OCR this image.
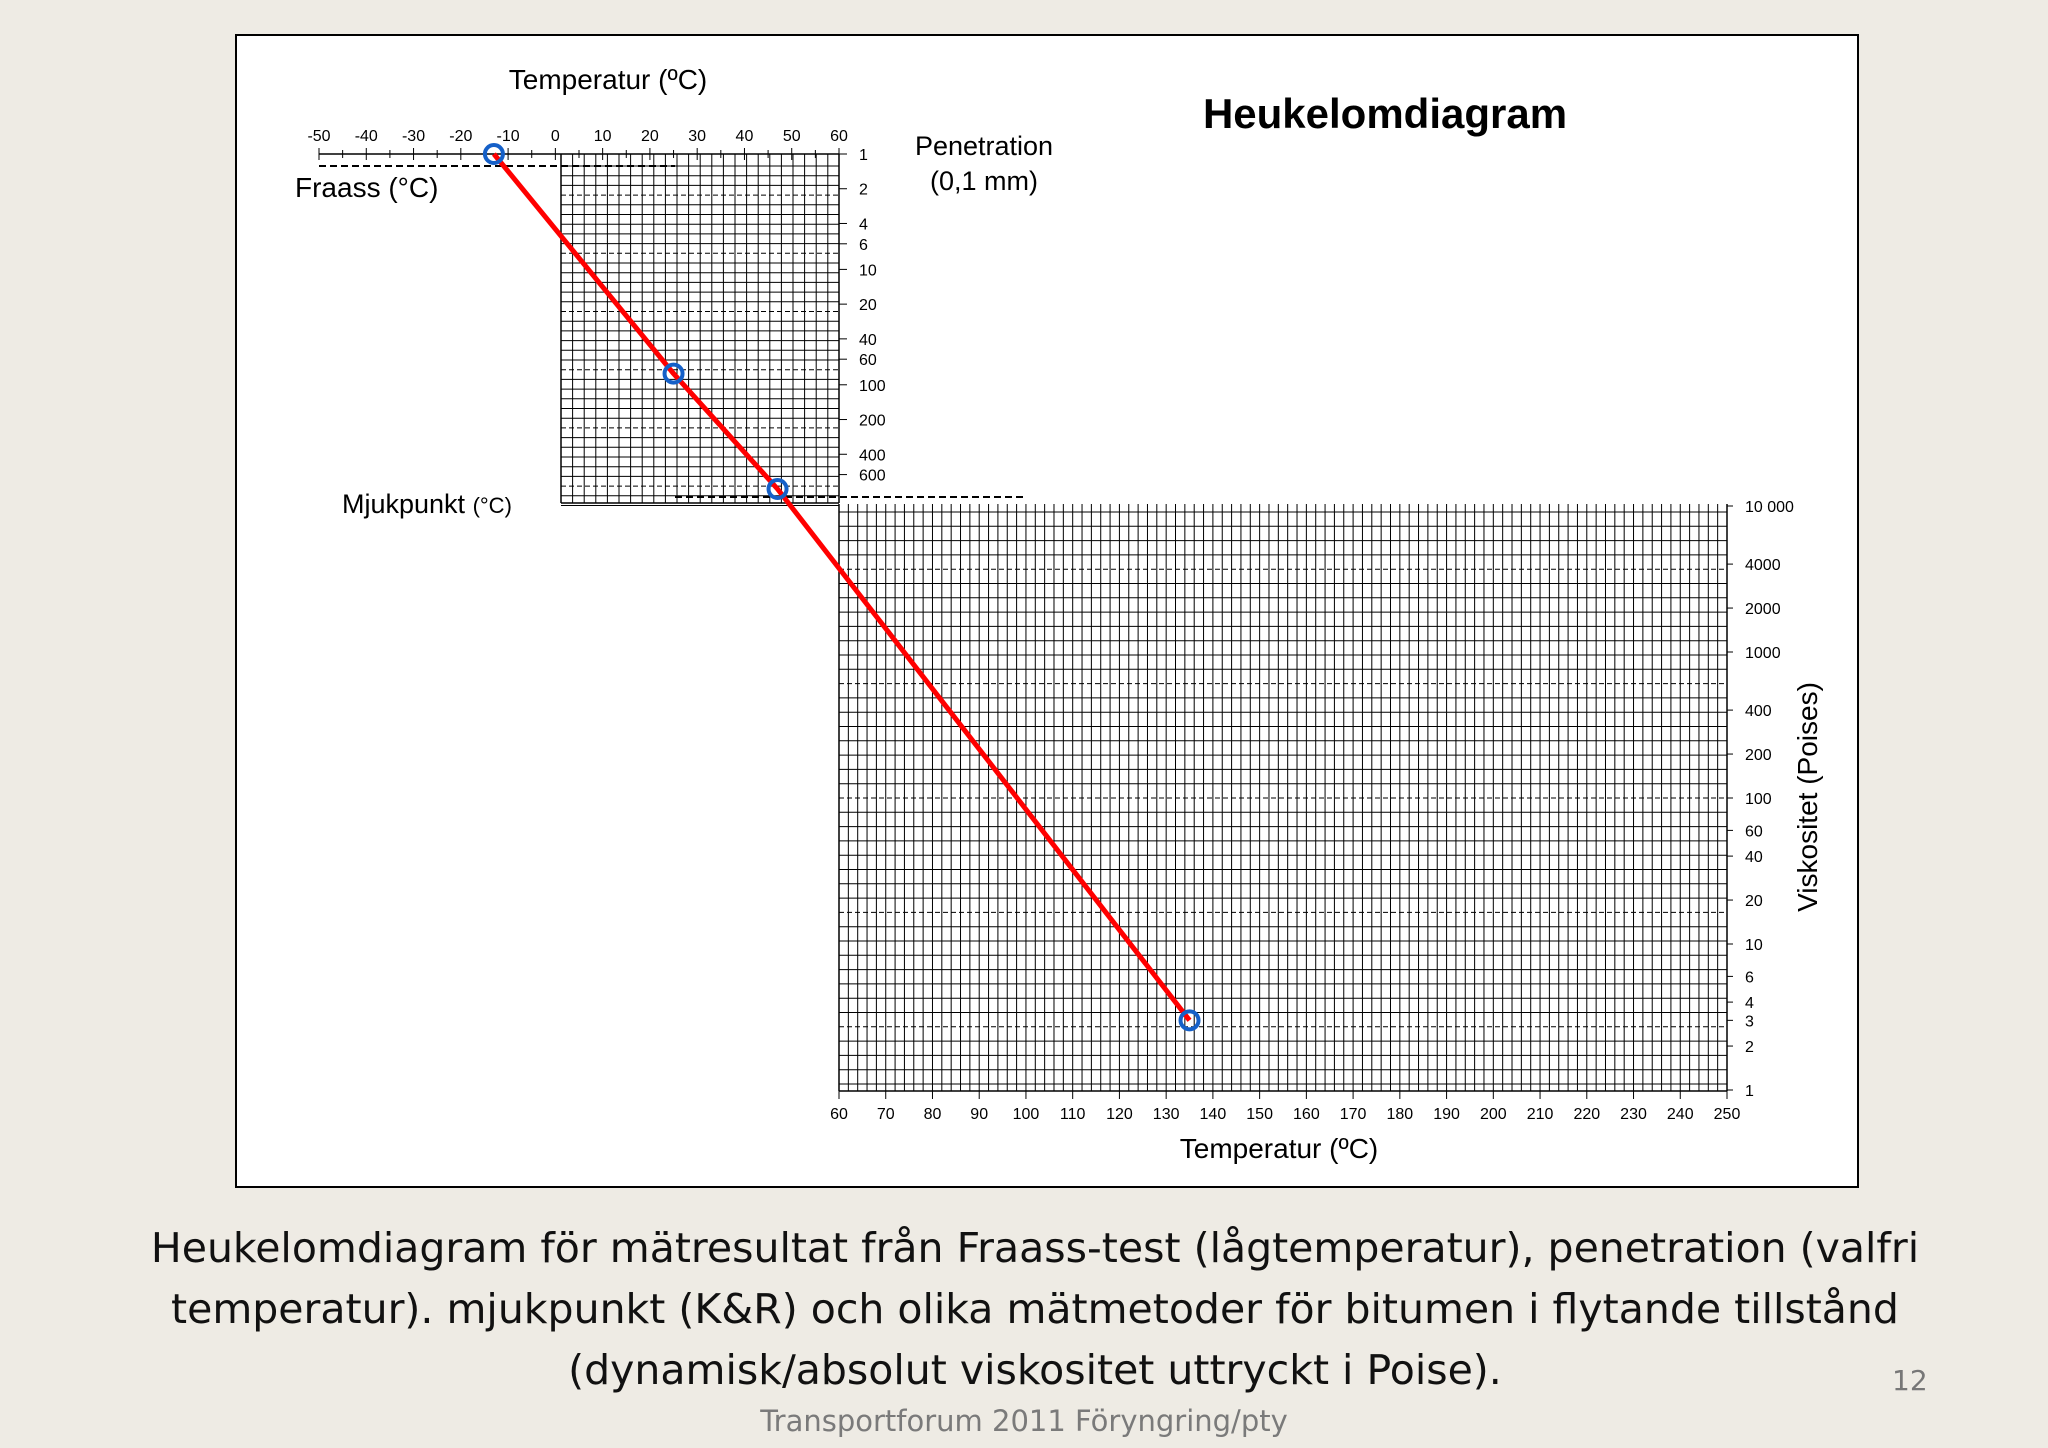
Heukelomdiagram
Temperatur (ºC)
-50 -40 -30 -20 -10 0 10 20 30 40 50 60
1
2
4
6
10
20
40
60
100
200
400
600
Penetration
(0,1 mm)
Fraass (°C)
Mjukpunkt (°C)	10 000
4000
2000
1000
400
200
100
60
40
20
10
6
4
3
2
1
Viskositet (Poises)
60 70 80 90 100 110 120 130 140 150 160 170 180 190 200 210 220 230 240 250
Temperatur (ºC)
Heukelomdiagram för mätresultat från Fraass-test (lågtemperatur), penetration (valfri
temperatur). mjukpunkt (K&R) och olika mätmetoder för bitumen i flytande tillstånd
(dynamisk/absolut viskositet uttryckt i Poise).	12
Transportforum 2011 Föryngring/pty
